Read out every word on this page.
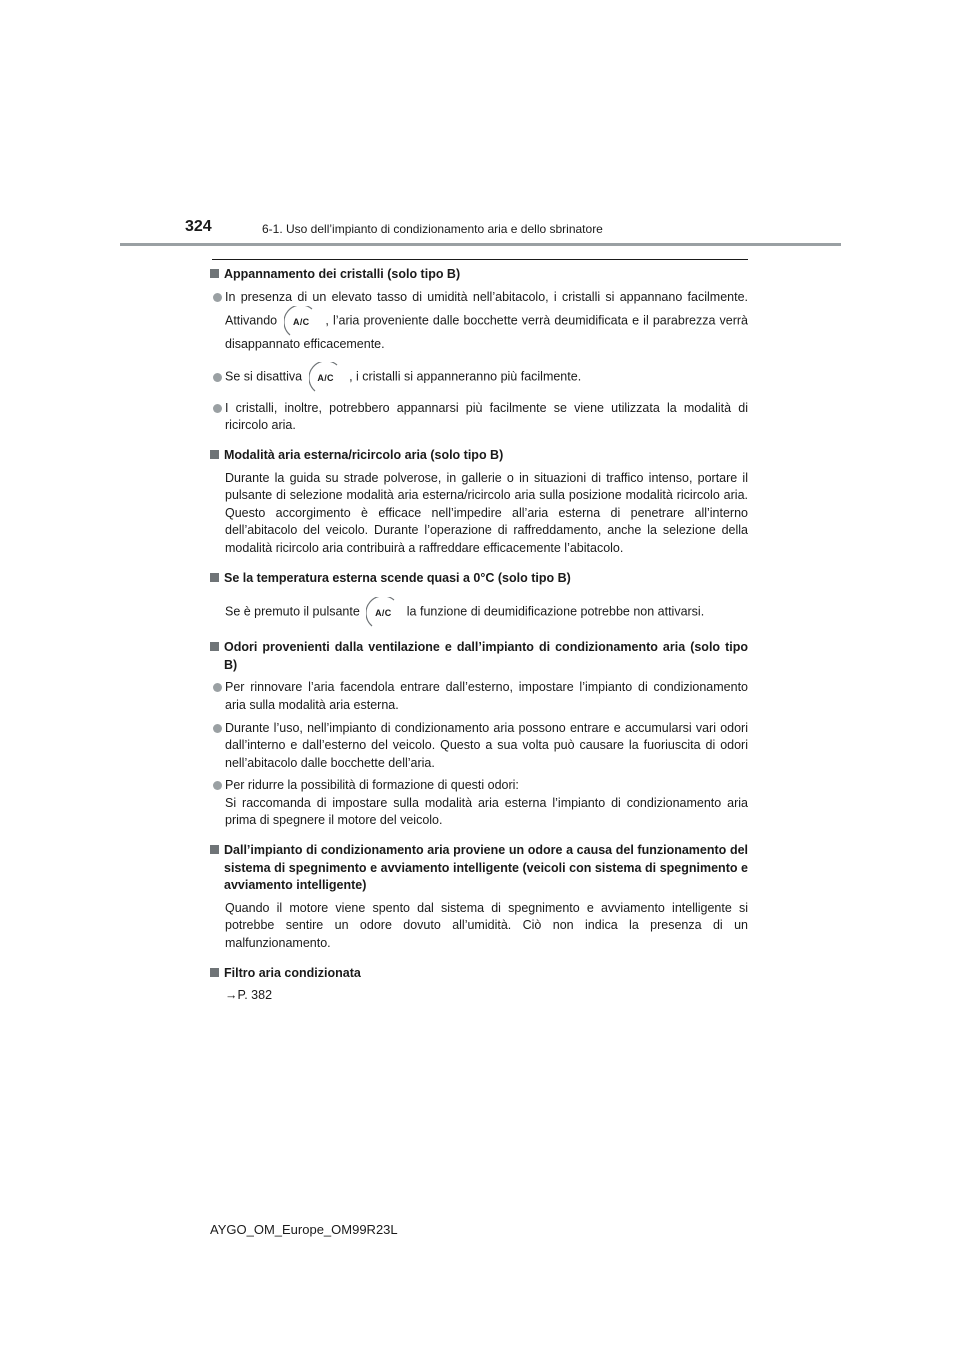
324	6-1. Uso dell’impianto di condizionamento aria e dello sbrinatore
Appannamento dei cristalli (solo tipo B)
In presenza di un elevato tasso di umidità nell’abitacolo, i cristalli si appannano facilmente. Attivando	A/C	, l’aria proveniente dalle bocchette verrà deumidificata e il parabrezza verrà disappannato efficacemente.
Se si disattiva	A/C	, i cristalli si appanneranno più facilmente.
I cristalli, inoltre, potrebbero appannarsi più facilmente se viene utilizzata la modalità di ricircolo aria.
Modalità aria esterna/ricircolo aria (solo tipo B)
Durante la guida su strade polverose, in gallerie o in situazioni di traffico intenso, portare il pulsante di selezione modalità aria esterna/ricircolo aria sulla posizione modalità ricircolo aria. Questo accorgimento è efficace nell’impedire all’aria esterna di penetrare all’interno dell’abitacolo del veicolo. Durante l’operazione di raffreddamento, anche la selezione della modalità ricircolo aria contribuirà a raffreddare efficacemente l’abitacolo.
Se la temperatura esterna scende quasi a 0°C (solo tipo B)
Se è premuto il pulsante	A/C	la funzione di deumidificazione potrebbe non attivarsi.
Odori provenienti dalla ventilazione e dall’impianto di condizionamento aria (solo tipo B)
Per rinnovare l’aria facendola entrare dall’esterno, impostare l’impianto di condizionamento aria sulla modalità aria esterna.
Durante l’uso, nell’impianto di condizionamento aria possono entrare e accumularsi vari odori dall’interno e dall’esterno del veicolo. Questo a sua volta può causare la fuoriuscita di odori nell’abitacolo dalle bocchette dell’aria.
Per ridurre la possibilità di formazione di questi odori:
Si raccomanda di impostare sulla modalità aria esterna l’impianto di condizionamento aria prima di spegnere il motore del veicolo.
Dall’impianto di condizionamento aria proviene un odore a causa del funzionamento del sistema di spegnimento e avviamento intelligente (veicoli con sistema di spegnimento e avviamento intelligente)
Quando il motore viene spento dal sistema di spegnimento e avviamento intelligente si potrebbe sentire un odore dovuto all’umidità. Ciò non indica la presenza di un malfunzionamento.
Filtro aria condizionata
→P. 382
AYGO_OM_Europe_OM99R23L
